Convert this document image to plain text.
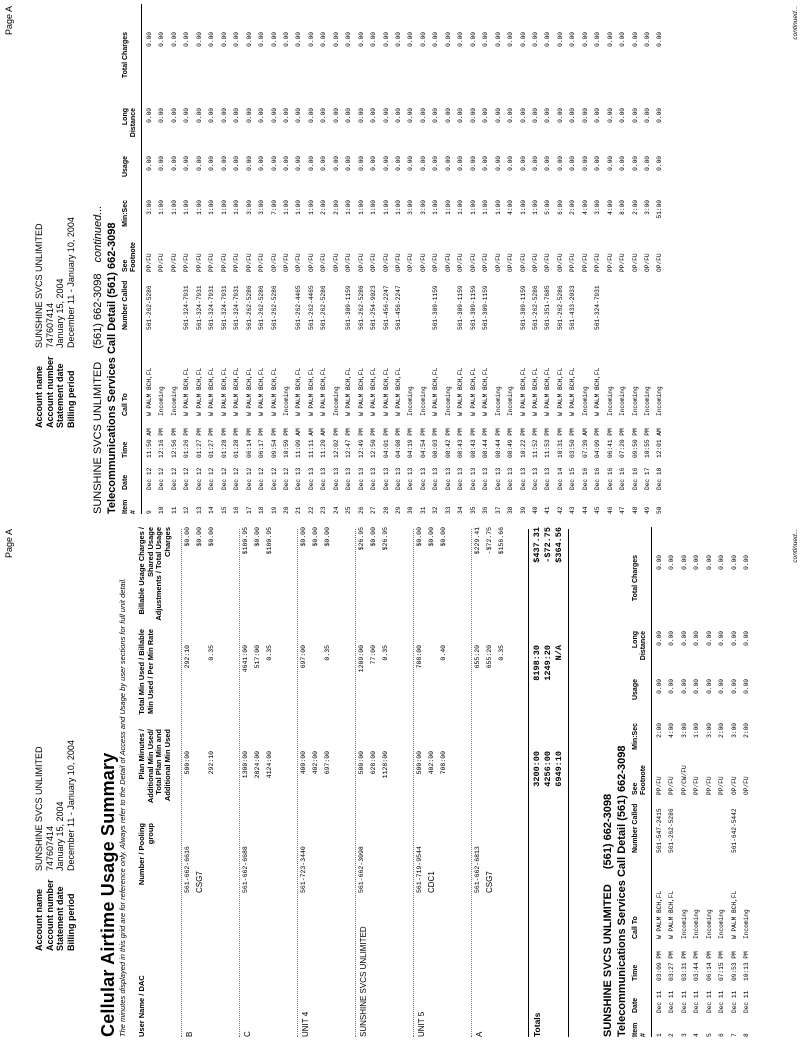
Page A
Account name
SUNSHINE SVCS UNLIMITED
Account number
747607414
Statement date
January 15, 2004
Billing period
December 11 - January 10, 2004 Cellular Airtime Usage Summary The minutes displayed in this grid are for reference only. Always refer to the Detail of Access and Usage by user sections for full unit detail. User Name / DAC
Number / Pooling group
Plan Minutes / Additional Min Used/ Total Plan Min and Additional Min Used
Total Min Used / Billable Min Used / Per Min Rate
Billable Usage Charges / Shared Usage Adjustments / Total Usage Charges
B
561-662-6616
500:00
292:10
$0.00
CSG7
$0.00
292:10
0.35
$0.00
C
561-662-6688
1300:00
4641:00
$180.95
2824:00
517:00
$0.00
4124:00
0.35
$180.95
UNIT 4
561-723-3440
400:00
697:00
$0.00
402:00
$0.00
697:00
0.35
$0.00
SUNSHINE SVCS UNLIMITED
561-662-3098
500:00
1209:00
$26.95
628:00
77:00
$0.00
1128:00
0.35
$26.95
UNIT 5
561-719-9544
500:00
708:00
$0.00
CDC1
402:00
$0.00
708:00
0.40
$0.00
A
561-662-6813
655:20
$229.41
CSG7
655:20
-$72.75
0.35
$156.66
Totals
3200:00
8198:30
$437.31
4256:00
1249:20
-$72.75
6949:10
N/A
$364.56
SUNSHINE SVCS UNLIMITED (561) 662-3098
Telecommunications Services Call Detail (561) 662-3098
Item #
Date
Time
Call To
Number Called
See Footnote
Min:Sec
Usage
Long Distance
Total Charges
1
Dec 11
03:09 PM
W PALM BCH,FL
561-547-2415
PP/FU
2:00
0.00
0.00
0.00
2
Dec 11
03:27 PM
W PALM BCH,FL
561-262-5286
PP/FU
4:00
0.00
0.00
0.00
3
Dec 11
03:31 PM
Incoming
PP/CW/FU
3:00
0.00
0.00
0.00
4
Dec 11
03:44 PM
Incoming
PP/FU
1:00
0.00
0.00
0.00
5
Dec 11
06:14 PM
Incoming
PP/FU
3:00
0.00
0.00
0.00
6
Dec 11
07:15 PM
Incoming
PP/FU
2:00
0.00
0.00
0.00
7
Dec 11
09:53 PM
W PALM BCH,FL
561-642-5442
OP/FU
3:00
0.00
0.00
0.00
8
Dec 11
10:13 PM
Incoming
OP/FU
2:00
0.00
0.00
0.00	continued...
Page A
Account name
SUNSHINE SVCS UNLIMITED
Account number
747607414
Statement date
January 15, 2004
Billing period
December 11 - January 10, 2004
SUNSHINE SVCS UNLIMITED (561) 662-3098 continued...
Telecommunications Services Call Detail (561) 662-3098
Item #
Date
Time
Call To
Number Called
See Footnote
Min:Sec
Usage
Long Distance
Total Charges
9
Dec 12
11:50 AM
W PALM BCH,FL
561-262-5286
PP/FU
3:00
0.00
0.00
0.00
10
Dec 12
12:16 PM
Incoming
PP/FU
1:00
0.00
0.00
0.00
11
Dec 12
12:56 PM
Incoming
PP/FU
1:00
0.00
0.00
0.00
12
Dec 12
01:26 PM
W PALM BCH,FL
561-324-7931
PP/FU
1:00
0.00
0.00
0.00
13
Dec 12
01:27 PM
W PALM BCH,FL
561-324-7931
PP/FU
1:00
0.00
0.00
0.00
14
Dec 12
01:27 PM
W PALM BCH,FL
561-324-7931
PP/FU
1:00
0.00
0.00
0.00
15
Dec 12
01:28 PM
W PALM BCH,FL
561-324-7931
PP/FU
1:00
0.00
0.00
0.00
16
Dec 12
01:28 PM
W PALM BCH,FL
561-324-7931
PP/FU
1:00
0.00
0.00
0.00
17
Dec 12
06:14 PM
W PALM BCH,FL
561-262-5286
PP/FU
3:00
0.00
0.00
0.00
18
Dec 12
06:17 PM
W PALM BCH,FL
561-262-5286
PP/FU
3:00
0.00
0.00
0.00
19
Dec 12
09:54 PM
W PALM BCH,FL
561-262-5286
OP/FU
7:00
0.00
0.00
0.00
20
Dec 12
10:59 PM
Incoming
OP/FU
1:00
0.00
0.00
0.00
21
Dec 13
11:09 AM
W PALM BCH,FL
561-262-4465
OP/FU
1:00
0.00
0.00
0.00
22
Dec 13
11:11 AM
W PALM BCH,FL
561-262-4465
OP/FU
1:00
0.00
0.00
0.00
23
Dec 13
11:20 AM
W PALM BCH,FL
561-262-5286
OP/FU
2:00
0.00
0.00
0.00
24
Dec 13
12:02 PM
Incoming
OP/FU
2:00
0.00
0.00
0.00
25
Dec 13
12:47 PM
W PALM BCH,FL
561-309-1159
OP/FU
1:00
0.00
0.00
0.00
26
Dec 13
12:49 PM
W PALM BCH,FL
561-262-5286
OP/FU
1:00
0.00
0.00
0.00
27
Dec 13
12:50 PM
W PALM BCH,FL
561-254-9023
OP/FU
1:00
0.00
0.00
0.00
28
Dec 13
04:01 PM
W PALM BCH,FL
561-456-2247
OP/FU
1:00
0.00
0.00
0.00
29
Dec 13
04:08 PM
W PALM BCH,FL
561-456-2247
OP/FU
1:00
0.00
0.00
0.00
30
Dec 13
04:19 PM
Incoming
OP/FU
3:00
0.00
0.00
0.00
31
Dec 13
04:54 PM
Incoming
OP/FU
3:00
0.00
0.00
0.00
32
Dec 13
08:03 PM
W PALM BCH,FL
561-309-1159
OP/FU
1:00
0.00
0.00
0.00
33
Dec 13
08:42 PM
Incoming
OP/FU
1:00
0.00
0.00
0.00
34
Dec 13
08:43 PM
W PALM BCH,FL
561-309-1159
OP/FU
1:00
0.00
0.00
0.00
35
Dec 13
08:43 PM
W PALM BCH,FL
561-309-1159
OP/FU
1:00
0.00
0.00
0.00
36
Dec 13
08:44 PM
W PALM BCH,FL
561-309-1159
OP/FU
1:00
0.00
0.00
0.00
37
Dec 13
08:44 PM
Incoming
OP/FU
1:00
0.00
0.00
0.00
38
Dec 13
08:49 PM
Incoming
OP/FU
4:00
0.00
0.00
0.00
39
Dec 13
10:22 PM
W PALM BCH,FL
561-309-1159
OP/FU
1:00
0.00
0.00
0.00
40
Dec 13
11:52 PM
W PALM BCH,FL
561-262-5286
OP/FU
1:00
0.00
0.00
0.00
41
Dec 13
11:53 PM
W PALM BCH,FL
561-351-7685
OP/FU
5:00
0.00
0.00
0.00
42
Dec 14
10:31 PM
W PALM BCH,FL
561-262-5286
OP/FU
6:00
0.00
0.00
0.00
43
Dec 15
03:50 PM
W PALM BCH,FL
561-433-2033
PP/FU
2:00
0.00
0.00
0.00
44
Dec 16
07:39 AM
Incoming
PP/FU
4:00
0.00
0.00
0.00
45
Dec 16
04:09 PM
W PALM BCH,FL
561-324-7931
PP/FU
3:00
0.00
0.00
0.00
46
Dec 16
06:41 PM
Incoming
PP/FU
4:00
0.00
0.00
0.00
47
Dec 16
07:20 PM
Incoming
PP/FU
8:00
0.00
0.00
0.00
48
Dec 16
09:50 PM
Incoming
OP/FU
2:00
0.00
0.00
0.00
49
Dec 17
10:55 PM
Incoming
OP/FU
3:00
0.00
0.00
0.00
50
Dec 18
12:01 AM
Incoming
OP/FU
51:00
0.00
0.00
0.00	continued...
